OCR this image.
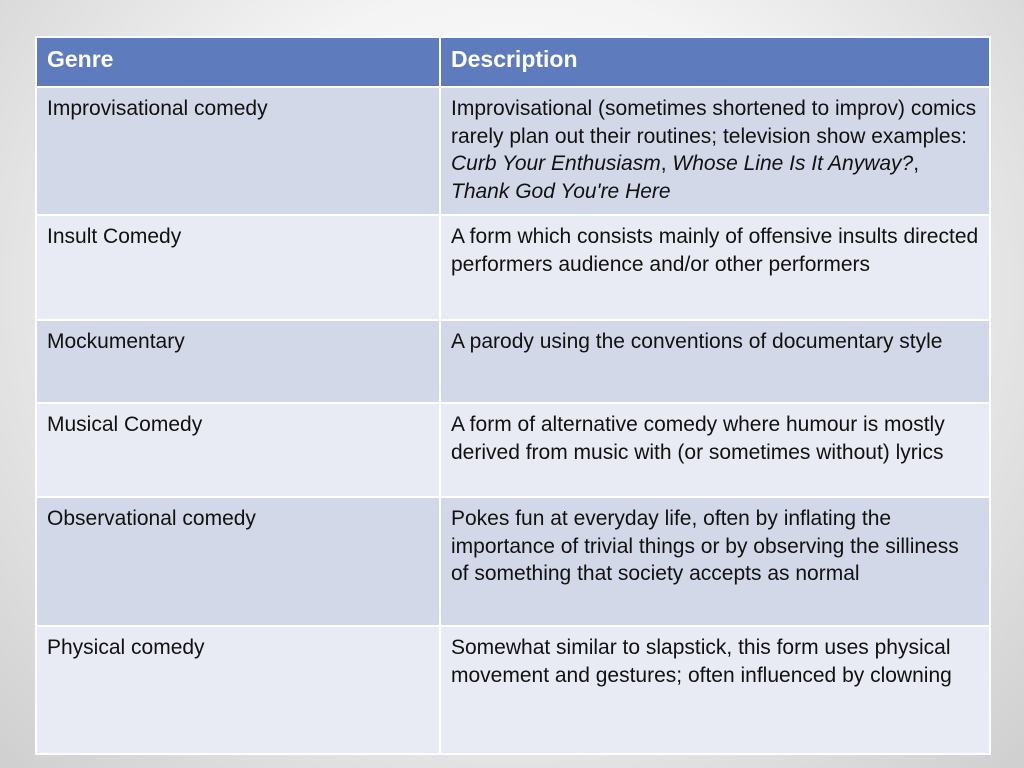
Genre	Description
Improvisational comedy	Improvisational (sometimes shortened to improv) comics rarely plan out their routines; television show examples: Curb Your Enthusiasm, Whose Line Is It Anyway?, Thank God You're Here
Insult Comedy	A form which consists mainly of offensive insults directed performers audience and/or other performers
Mockumentary	A parody using the conventions of documentary style
Musical Comedy	A form of alternative comedy where humour is mostly derived from music with (or sometimes without) lyrics
Observational comedy	Pokes fun at everyday life, often by inflating the importance of trivial things or by observing the silliness of something that society accepts as normal
Physical comedy	Somewhat similar to slapstick, this form uses physical movement and gestures; often influenced by clowning
